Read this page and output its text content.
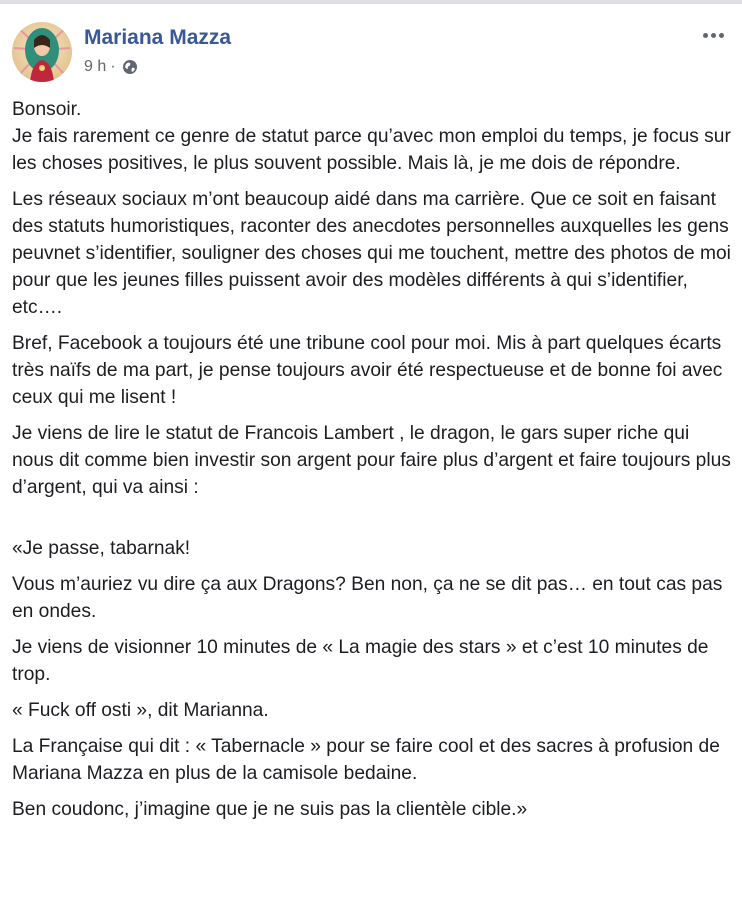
Mariana Mazza
9 h ·

Bonsoir.
Je fais rarement ce genre de statut parce qu’avec mon emploi du temps, je focus sur les choses positives, le plus souvent possible. Mais là, je me dois de répondre.

Les réseaux sociaux m’ont beaucoup aidé dans ma carrière. Que ce soit en faisant des statuts humoristiques, raconter des anecdotes personnelles auxquelles les gens peuvnet s’identifier, souligner des choses qui me touchent, mettre des photos de moi pour que les jeunes filles puissent avoir des modèles différents à qui s’identifier, etc….

Bref, Facebook a toujours été une tribune cool pour moi. Mis à part quelques écarts très naïfs de ma part, je pense toujours avoir été respectueuse et de bonne foi avec ceux qui me lisent !

Je viens de lire le statut de Francois Lambert , le dragon, le gars super riche qui nous dit comme bien investir son argent pour faire plus d’argent et faire toujours plus d’argent, qui va ainsi :

«Je passe, tabarnak!

Vous m’auriez vu dire ça aux Dragons? Ben non, ça ne se dit pas… en tout cas pas en ondes.

Je viens de visionner 10 minutes de « La magie des stars » et c’est 10 minutes de trop.

« Fuck off osti », dit Marianna.

La Française qui dit : « Tabernacle » pour se faire cool et des sacres à profusion de Mariana Mazza en plus de la camisole bedaine.

Ben coudonc, j’imagine que je ne suis pas la clientèle cible.»
